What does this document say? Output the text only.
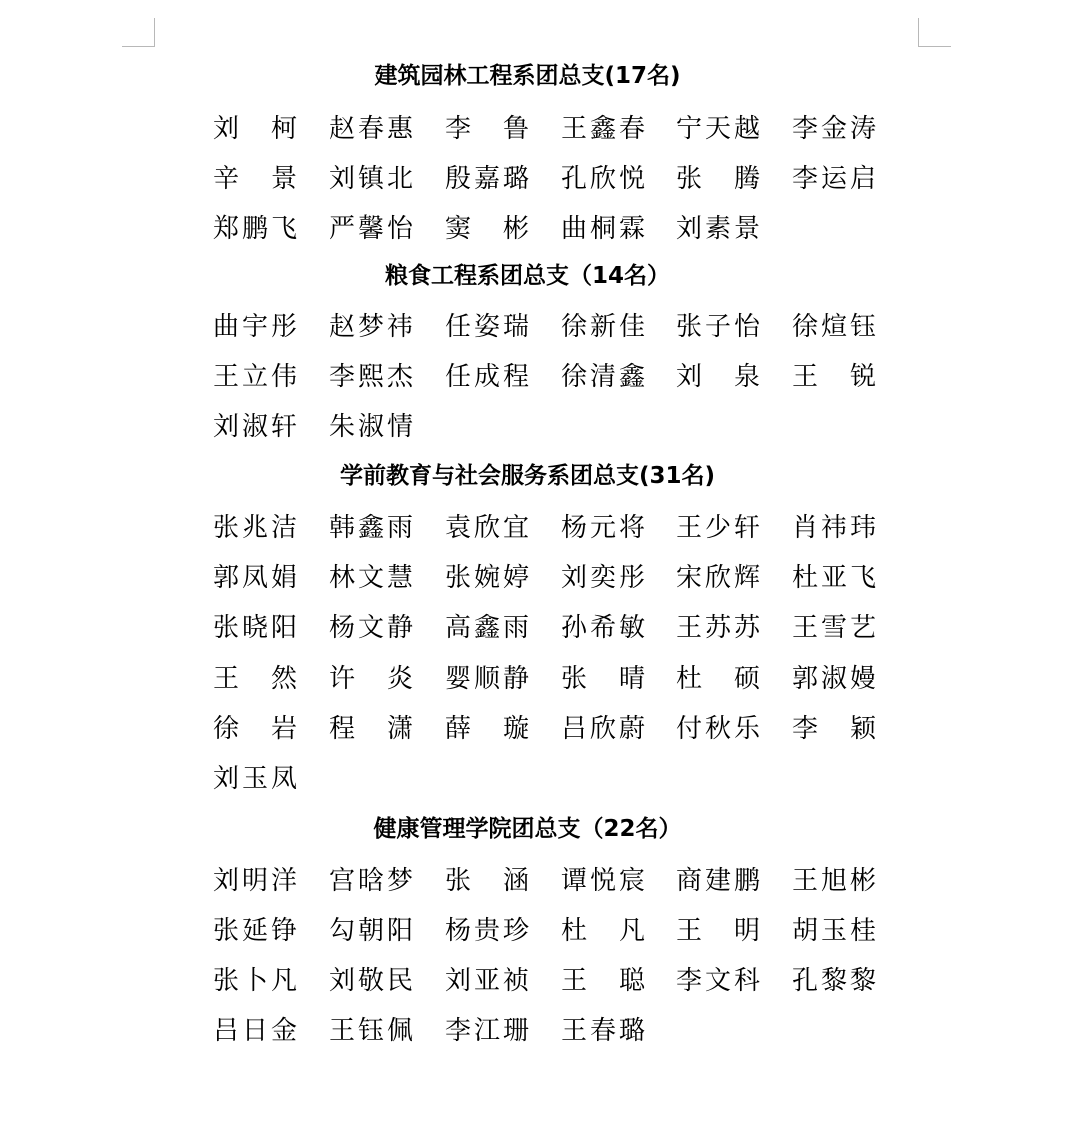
建筑园林工程系团总支(17名)
刘 柯 赵 春 惠 李 鲁 王 鑫 春 宁 天 越 李 金 涛
辛 景 刘 镇 北 殷 嘉 璐 孔 欣 悦 张 腾 李 运 启
郑 鹏 飞 严 馨 怡 窦 彬 曲 桐 霖 刘 素 景
粮食工程系团总支（14名）
曲 宇 彤 赵 梦 祎 任 姿 瑞 徐 新 佳 张 子 怡 徐 煊 钰
王 立 伟 李 熙 杰 任 成 程 徐 清 鑫 刘 泉 王 锐
刘 淑 轩 朱 淑 情
学前教育与社会服务系团总支(31名)
张 兆 洁 韩 鑫 雨 袁 欣 宜 杨 元 将 王 少 轩 肖 祎 玮
郭 凤 娟 林 文 慧 张 婉 婷 刘 奕 彤 宋 欣 辉 杜 亚 飞
张 晓 阳 杨 文 静 高 鑫 雨 孙 希 敏 王 苏 苏 王 雪 艺
王 然 许 炎 婴 顺 静 张 晴 杜 硕 郭 淑 嫚
徐 岩 程 潇 薛 璇 吕 欣 蔚 付 秋 乐 李 颖
刘 玉 凤
健康管理学院团总支（22名）
刘 明 洋 宫 晗 梦 张 涵 谭 悦 宸 商 建 鹏 王 旭 彬
张 延 铮 勾 朝 阳 杨 贵 珍 杜 凡 王 明 胡 玉 桂
张 卜 凡 刘 敬 民 刘 亚 祯 王 聪 李 文 科 孔 黎 黎
吕 日 金 王 钰 佩 李 江 珊 王 春 璐
